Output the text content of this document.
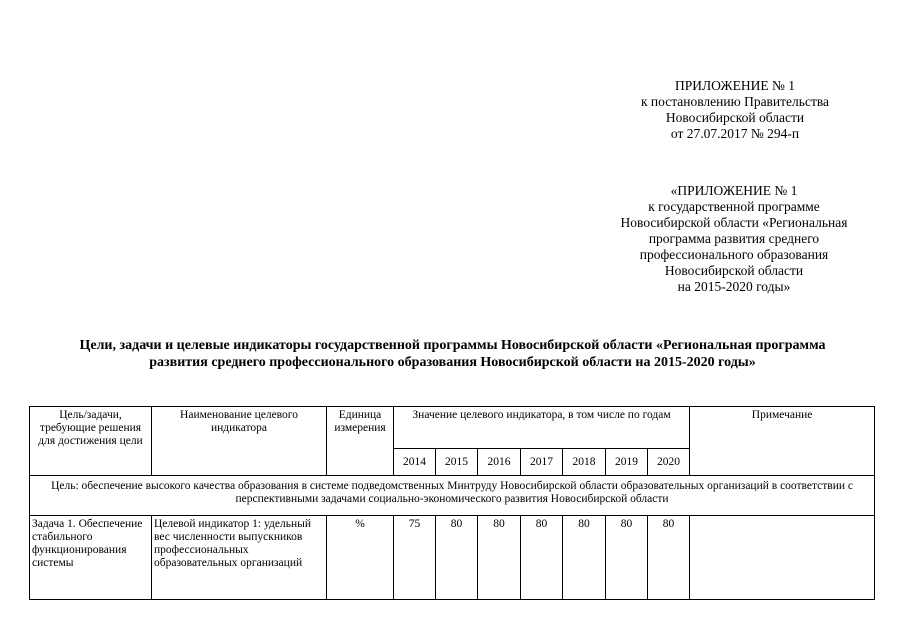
ПРИЛОЖЕНИЕ № 1
к постановлению Правительства
Новосибирской области
от 27.07.2017 № 294-п
«ПРИЛОЖЕНИЕ № 1
к государственной программе
Новосибирской области «Региональная
программа развития среднего
профессионального образования
Новосибирской области
на 2015-2020 годы»
Цели, задачи и целевые индикаторы государственной программы Новосибирской области «Региональная программа
развития среднего профессионального образования Новосибирской области на 2015-2020 годы»
Цель/задачи, требующие решения для достижения цели	Наименование целевого индикатора	Единица измерения	Значение целевого индикатора, в том числе по годам							Примечание
			2014	2015	2016	2017	2018	2019	2020	
Цель: обеспечение высокого качества образования в системе подведомственных Минтруду Новосибирской области образовательных организаций в соответствии с перспективными задачами социально-экономического развития Новосибирской области										
Задача 1. Обеспечение стабильного функционирования системы	Целевой индикатор 1: удельный вес численности выпускников профессиональных образовательных организаций	%	75	80	80	80	80	80	80	
